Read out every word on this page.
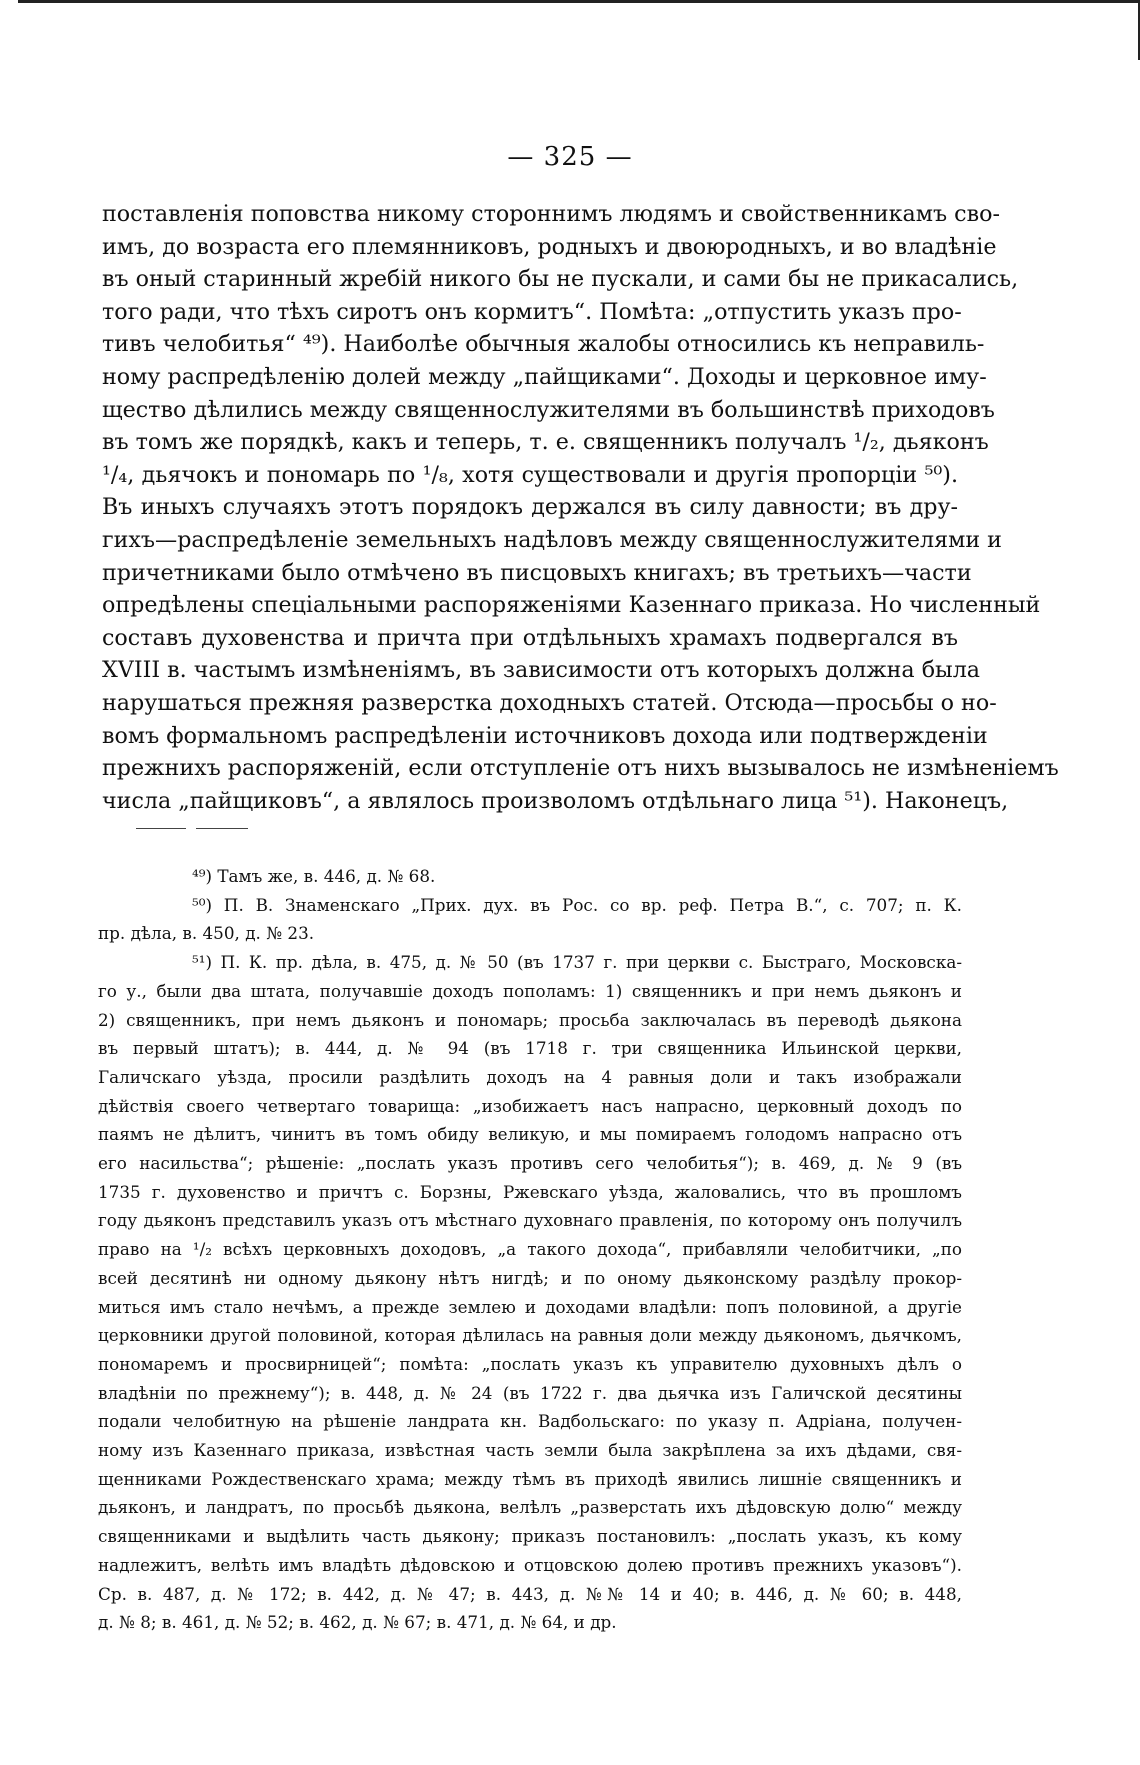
— 325 —
поставленія поповства никому стороннимъ людямъ и свойственникамъ сво-
имъ, до возраста его племянниковъ, родныхъ и двоюродныхъ, и во владѣніе
въ оный старинный жребій никого бы не пускали, и сами бы не прикасались,
того ради, что тѣхъ сиротъ онъ кормитъ“. Помѣта: „отпустить указъ про-
тивъ челобитья“ ⁴⁹). Наиболѣе обычныя жалобы относились къ неправиль-
ному распредѣленію долей между „пайщиками“. Доходы и церковное иму-
щество дѣлились между священнослужителями въ большинствѣ приходовъ
въ томъ же порядкѣ, какъ и теперь, т. е. священникъ получалъ ¹/₂, дьяконъ
¹/₄, дьячокъ и пономарь по ¹/₈, хотя существовали и другія пропорціи ⁵⁰).
Въ иныхъ случаяхъ этотъ порядокъ держался въ силу давности; въ дру-
гихъ—распредѣленіе земельныхъ надѣловъ между священнослужителями и
причетниками было отмѣчено въ писцовыхъ книгахъ; въ третьихъ—части
опредѣлены спеціальными распоряженіями Казеннаго приказа. Но численный
составъ духовенства и причта при отдѣльныхъ храмахъ подвергался въ
XVIII в. частымъ измѣненіямъ, въ зависимости отъ которыхъ должна была
нарушаться прежняя разверстка доходныхъ статей. Отсюда—просьбы о но-
вомъ формальномъ распредѣленіи источниковъ дохода или подтвержденіи
прежнихъ распоряженій, если отступленіе отъ нихъ вызывалось не измѣненіемъ
числа „пайщиковъ“, а являлось произволомъ отдѣльнаго лица ⁵¹). Наконецъ,
⁴⁹) Тамъ же, в. 446, д. № 68.
⁵⁰) П. В. Знаменскаго „Прих. дух. въ Рос. со вр. реф. Петра В.“, с. 707; п. К.
пр. дѣла, в. 450, д. № 23.
⁵¹) П. К. пр. дѣла, в. 475, д. № 50 (въ 1737 г. при церкви с. Быстраго, Московска-
го у., были два штата, получавшіе доходъ пополамъ: 1) священникъ и при немъ дьяконъ и
2) священникъ, при немъ дьяконъ и пономарь; просьба заключалась въ переводѣ дьякона
въ первый штатъ); в. 444, д. № 94 (въ 1718 г. три священника Ильинской церкви,
Галичскаго уѣзда, просили раздѣлить доходъ на 4 равныя доли и такъ изображали
дѣйствія своего четвертаго товарища: „изобижаетъ насъ напрасно, церковный доходъ по
паямъ не дѣлитъ, чинитъ въ томъ обиду великую, и мы помираемъ голодомъ напрасно отъ
его насильства“; рѣшеніе: „послать указъ противъ сего челобитья“); в. 469, д. № 9 (въ
1735 г. духовенство и причтъ с. Борзны, Ржевскаго уѣзда, жаловались, что въ прошломъ
году дьяконъ представилъ указъ отъ мѣстнаго духовнаго правленія, по которому онъ получилъ
право на ¹/₂ всѣхъ церковныхъ доходовъ, „а такого дохода“, прибавляли челобитчики, „по
всей десятинѣ ни одному дьякону нѣтъ нигдѣ; и по оному дьяконскому раздѣлу прокор-
миться имъ стало нечѣмъ, а прежде землею и доходами владѣли: попъ половиной, а другіе
церковники другой половиной, которая дѣлилась на равныя доли между дьякономъ, дьячкомъ,
пономаремъ и просвирницей“; помѣта: „послать указъ къ управителю духовныхъ дѣлъ о
владѣніи по прежнему“); в. 448, д. № 24 (въ 1722 г. два дьячка изъ Галичской десятины
подали челобитную на рѣшеніе ландрата кн. Вадбольскаго: по указу п. Адріана, получен-
ному изъ Казеннаго приказа, извѣстная часть земли была закрѣплена за ихъ дѣдами, свя-
щенниками Рождественскаго храма; между тѣмъ въ приходѣ явились лишніе священникъ и
дьяконъ, и ландратъ, по просьбѣ дьякона, велѣлъ „разверстать ихъ дѣдовскую долю“ между
священниками и выдѣлить часть дьякону; приказъ постановилъ: „послать указъ, къ кому
надлежитъ, велѣть имъ владѣть дѣдовскою и отцовскою долею противъ прежнихъ указовъ“).
Ср. в. 487, д. № 172; в. 442, д. № 47; в. 443, д. №№ 14 и 40; в. 446, д. № 60; в. 448,
д. № 8; в. 461, д. № 52; в. 462, д. № 67; в. 471, д. № 64, и др.
